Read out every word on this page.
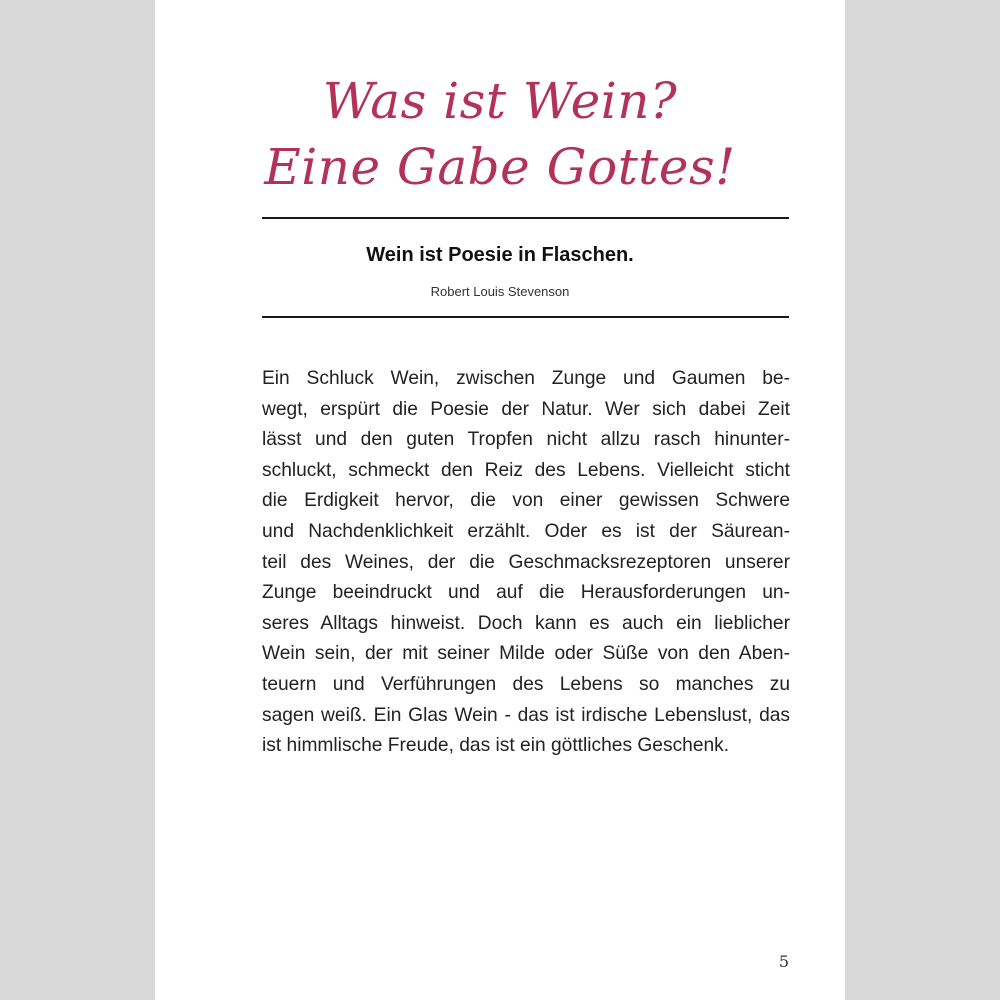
Was ist Wein?
Eine Gabe Gottes!
Wein ist Poesie in Flaschen.
Robert Louis Stevenson
Ein Schluck Wein, zwischen Zunge und Gaumen be-
wegt, erspürt die Poesie der Natur. Wer sich dabei Zeit
lässt und den guten Tropfen nicht allzu rasch hinunter-
schluckt, schmeckt den Reiz des Lebens. Vielleicht sticht
die Erdigkeit hervor, die von einer gewissen Schwere
und Nachdenklichkeit erzählt. Oder es ist der Säurean-
teil des Weines, der die Geschmacksrezeptoren unserer
Zunge beeindruckt und auf die Herausforderungen un-
seres Alltags hinweist. Doch kann es auch ein lieblicher
Wein sein, der mit seiner Milde oder Süße von den Aben-
teuern und Verführungen des Lebens so manches zu
sagen weiß. Ein Glas Wein - das ist irdische Lebenslust, das
ist himmlische Freude, das ist ein göttliches Geschenk.
5
